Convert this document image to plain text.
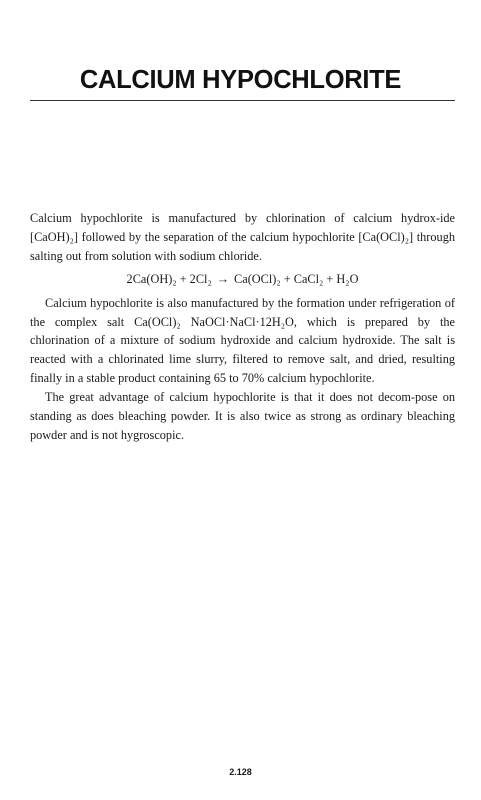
CALCIUM HYPOCHLORITE

Calcium hypochlorite is manufactured by chlorination of calcium hydrox-ide [CaOH)₂] followed by the separation of the calcium hypochlorite [Ca(OCl)₂] through salting out from solution with sodium chloride.

2Ca(OH)₂ + 2Cl₂ → Ca(OCl)₂ + CaCl₂ + H₂O

Calcium hypochlorite is also manufactured by the formation under refrigeration of the complex salt Ca(OCl)₂ NaOCl·NaCl·12H₂O, which is prepared by the chlorination of a mixture of sodium hydroxide and calcium hydroxide. The salt is reacted with a chlorinated lime slurry, filtered to remove salt, and dried, resulting finally in a stable product containing 65 to 70% calcium hypochlorite.

The great advantage of calcium hypochlorite is that it does not decom-pose on standing as does bleaching powder. It is also twice as strong as ordinary bleaching powder and is not hygroscopic.

2.128
